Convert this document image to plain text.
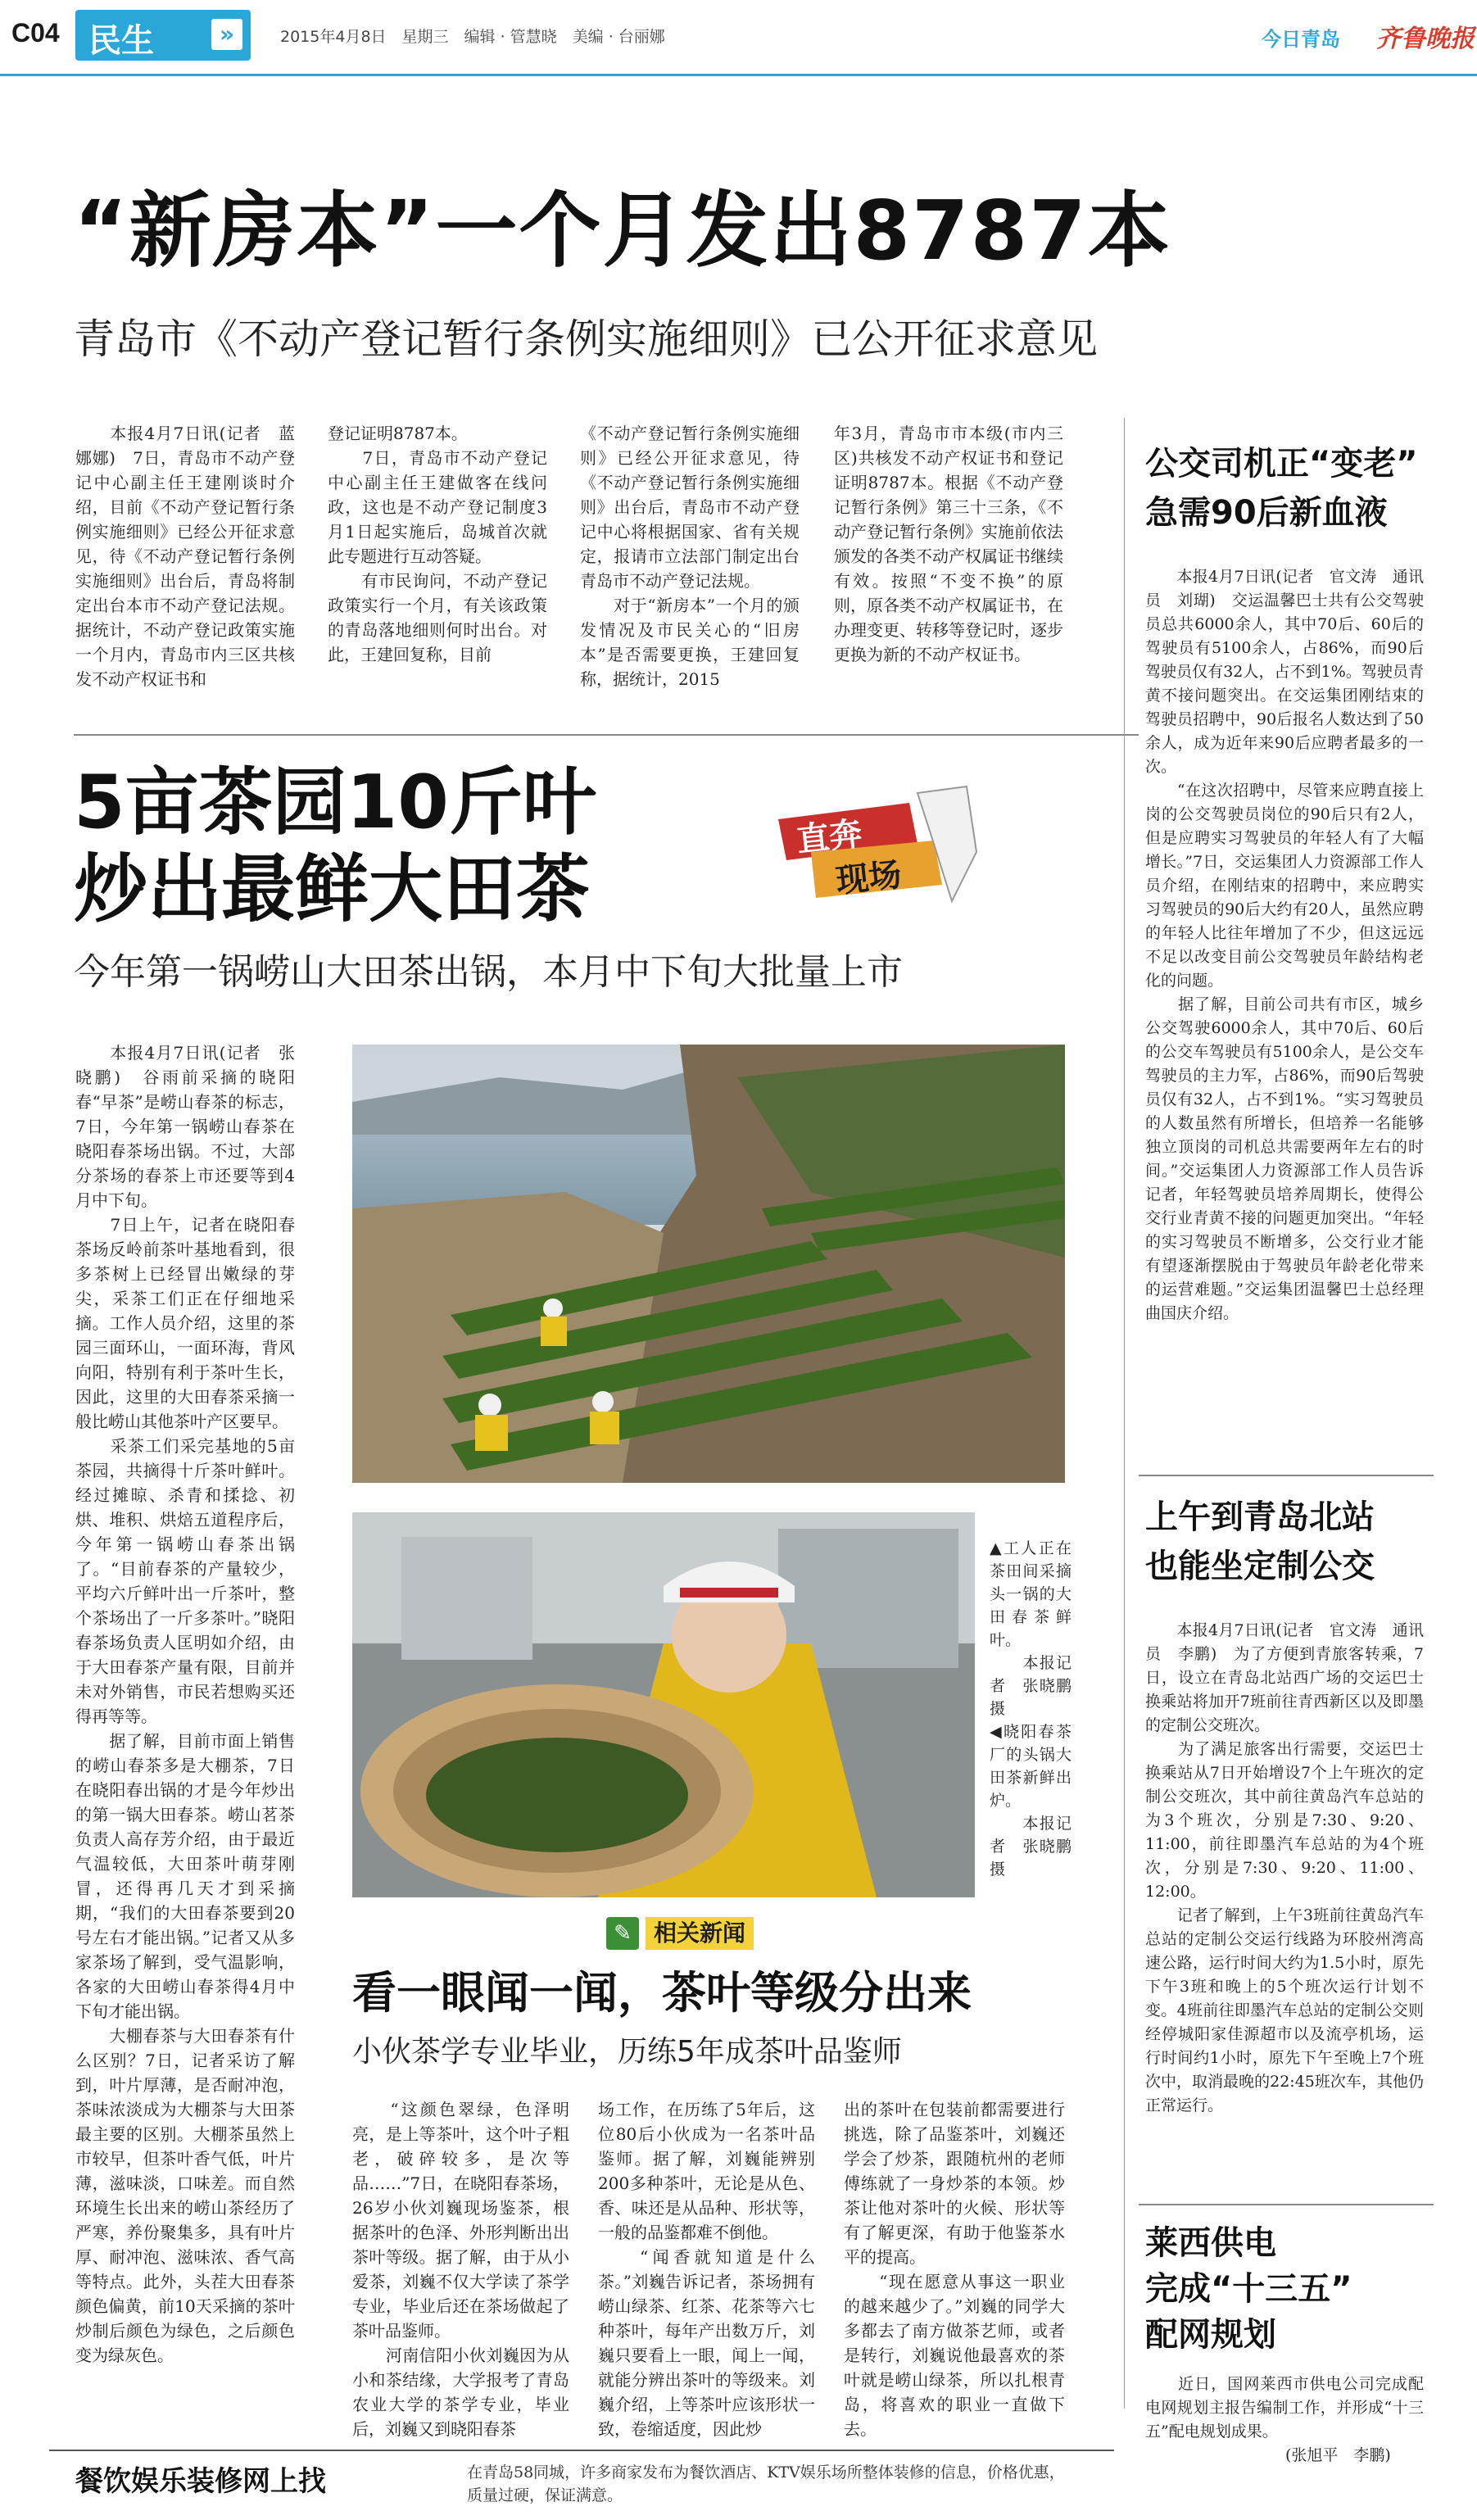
C04 民生	»	2015年4月8日　星期三　编辑 · 管慧晓　美编 · 台丽娜	今日青岛 齐鲁晚报
“新房本”一个月发出8787本
青岛市《不动产登记暂行条例实施细则》已公开征求意见
　　本报4月7日讯(记者　蓝娜娜)　7日，青岛市不动产登记中心副主任王建刚谈时介绍，目前《不动产登记暂行条例实施细则》已经公开征求意见，待《不动产登记暂行条例实施细则》出台后，青岛将制定出台本市不动产登记法规。据统计，不动产登记政策实施一个月内，青岛市内三区共核发不动产权证书和
登记证明8787本。
　　7日，青岛市不动产登记中心副主任王建做客在线问政，这也是不动产登记制度3月1日起实施后，岛城首次就此专题进行互动答疑。
　　有市民询问，不动产登记政策实行一个月，有关该政策的青岛落地细则何时出台。对此，王建回复称，目前
《不动产登记暂行条例实施细则》已经公开征求意见，待《不动产登记暂行条例实施细则》出台后，青岛市不动产登记中心将根据国家、省有关规定，报请市立法部门制定出台青岛市不动产登记法规。
　　对于“新房本”一个月的颁发情况及市民关心的“旧房本”是否需要更换，王建回复称，据统计，2015
年3月，青岛市市本级(市内三区)共核发不动产权证书和登记证明8787本。根据《不动产登记暂行条例》第三十三条，《不动产登记暂行条例》实施前依法颁发的各类不动产权属证书继续有效。按照“不变不换”的原则，原各类不动产权属证书，在办理变更、转移等登记时，逐步更换为新的不动产权证书。
5亩茶园10斤叶
炒出最鲜大田茶
直奔
现场
今年第一锅崂山大田茶出锅，本月中下旬大批量上市
　　本报4月7日讯(记者　张晓鹏)　谷雨前采摘的晓阳春“早茶”是崂山春茶的标志，7日，今年第一锅崂山春茶在晓阳春茶场出锅。不过，大部分茶场的春茶上市还要等到4月中下旬。
　　7日上午，记者在晓阳春茶场反岭前茶叶基地看到，很多茶树上已经冒出嫩绿的芽尖，采茶工们正在仔细地采摘。工作人员介绍，这里的茶园三面环山，一面环海，背风向阳，特别有利于茶叶生长，因此，这里的大田春茶采摘一般比崂山其他茶叶产区要早。
　　采茶工们采完基地的5亩茶园，共摘得十斤茶叶鲜叶。经过摊晾、杀青和揉捻、初烘、堆积、烘焙五道程序后，今年第一锅崂山春茶出锅了。“目前春茶的产量较少，平均六斤鲜叶出一斤茶叶，整个茶场出了一斤多茶叶。”晓阳春茶场负责人匡明如介绍，由于大田春茶产量有限，目前并未对外销售，市民若想购买还得再等等。
　　据了解，目前市面上销售的崂山春茶多是大棚茶，7日在晓阳春出锅的才是今年炒出的第一锅大田春茶。崂山茗茶负责人高存芳介绍，由于最近气温较低，大田茶叶萌芽刚冒，还得再几天才到采摘期，“我们的大田春茶要到20号左右才能出锅。”记者又从多家茶场了解到，受气温影响，各家的大田崂山春茶得4月中下旬才能出锅。
　　大棚春茶与大田春茶有什么区别？7日，记者采访了解到，叶片厚薄，是否耐冲泡，茶味浓淡成为大棚茶与大田茶最主要的区别。大棚茶虽然上市较早，但茶叶香气低，叶片薄，滋味淡，口味差。而自然环境生长出来的崂山茶经历了严寒，养份聚集多，具有叶片厚、耐冲泡、滋味浓、香气高等特点。此外，头茬大田春茶颜色偏黄，前10天采摘的茶叶炒制后颜色为绿色，之后颜色变为绿灰色。
▲工人正在茶田间采摘头一锅的大田春茶鲜叶。
　　本报记者　张晓鹏　摄
◀晓阳春茶厂的头锅大田茶新鲜出炉。
　　本报记者　张晓鹏　摄
✎ 相关新闻
看一眼闻一闻，茶叶等级分出来
小伙茶学专业毕业，历练5年成茶叶品鉴师
　　“这颜色翠绿，色泽明亮，是上等茶叶，这个叶子粗老，破碎较多，是次等品……”7日，在晓阳春茶场，26岁小伙刘巍现场鉴茶，根据茶叶的色泽、外形判断出出茶叶等级。据了解，由于从小爱茶，刘巍不仅大学读了茶学专业，毕业后还在茶场做起了茶叶品鉴师。
　　河南信阳小伙刘巍因为从小和茶结缘，大学报考了青岛农业大学的茶学专业，毕业后，刘巍又到晓阳春茶
场工作，在历练了5年后，这位80后小伙成为一名茶叶品鉴师。据了解，刘巍能辨别200多种茶叶，无论是从色、香、味还是从品种、形状等，一般的品鉴都难不倒他。
　　“闻香就知道是什么茶。”刘巍告诉记者，茶场拥有崂山绿茶、红茶、花茶等六七种茶叶，每年产出数万斤，刘巍只要看上一眼，闻上一闻，就能分辨出茶叶的等级来。刘巍介绍，上等茶叶应该形状一致，卷缩适度，因此炒
出的茶叶在包装前都需要进行挑选，除了品鉴茶叶，刘巍还学会了炒茶，跟随杭州的老师傅练就了一身炒茶的本领。炒茶让他对茶叶的火候、形状等有了解更深，有助于他鉴茶水平的提高。
　　“现在愿意从事这一职业的越来越少了。”刘巍的同学大多都去了南方做茶艺师，或者是转行，刘巍说他最喜欢的茶叶就是崂山绿茶，所以扎根青岛，将喜欢的职业一直做下去。
公交司机正“变老”
急需90后新血液
　　本报4月7日讯(记者　官文涛　通讯员　刘瑚)　交运温馨巴士共有公交驾驶员总共6000余人，其中70后、60后的驾驶员有5100余人，占86%，而90后驾驶员仅有32人，占不到1%。驾驶员青黄不接问题突出。在交运集团刚结束的驾驶员招聘中，90后报名人数达到了50余人，成为近年来90后应聘者最多的一次。
　　“在这次招聘中，尽管来应聘直接上岗的公交驾驶员岗位的90后只有2人，但是应聘实习驾驶员的年轻人有了大幅增长。”7日，交运集团人力资源部工作人员介绍，在刚结束的招聘中，来应聘实习驾驶员的90后大约有20人，虽然应聘的年轻人比往年增加了不少，但这远远不足以改变目前公交驾驶员年龄结构老化的问题。
　　据了解，目前公司共有市区，城乡公交驾驶6000余人，其中70后、60后的公交车驾驶员有5100余人，是公交车驾驶员的主力军，占86%，而90后驾驶员仅有32人，占不到1%。“实习驾驶员的人数虽然有所增长，但培养一名能够独立顶岗的司机总共需要两年左右的时间。”交运集团人力资源部工作人员告诉记者，年轻驾驶员培养周期长，使得公交行业青黄不接的问题更加突出。“年轻的实习驾驶员不断增多，公交行业才能有望逐渐摆脱由于驾驶员年龄老化带来的运营难题。”交运集团温馨巴士总经理曲国庆介绍。
上午到青岛北站
也能坐定制公交
　　本报4月7日讯(记者　官文涛　通讯员　李鹏)　为了方便到青旅客转乘，7日，设立在青岛北站西广场的交运巴士换乘站将加开7班前往青西新区以及即墨的定制公交班次。
　　为了满足旅客出行需要，交运巴士换乘站从7日开始增设7个上午班次的定制公交班次，其中前往黄岛汽车总站的为3个班次，分别是7:30、9:20、11:00，前往即墨汽车总站的为4个班次，分别是7:30、9:20、11:00、12:00。
　　记者了解到，上午3班前往黄岛汽车总站的定制公交运行线路为环胶州湾高速公路，运行时间大约为1.5小时，原先下午3班和晚上的5个班次运行计划不变。4班前往即墨汽车总站的定制公交则经停城阳家佳源超市以及流亭机场，运行时间约1小时，原先下午至晚上7个班次中，取消最晚的22:45班次车，其他仍正常运行。
莱西供电
完成“十三五”
配网规划
　　近日，国网莱西市供电公司完成配电网规划主报告编制工作，并形成“十三五”配电规划成果。
　　　　　　　　　(张旭平　李鹏)
餐饮娱乐装修网上找	在青岛58同城，许多商家发布为餐饮酒店、KTV娱乐场所整体装修的信息，价格优惠，质量过硬，保证满意。
